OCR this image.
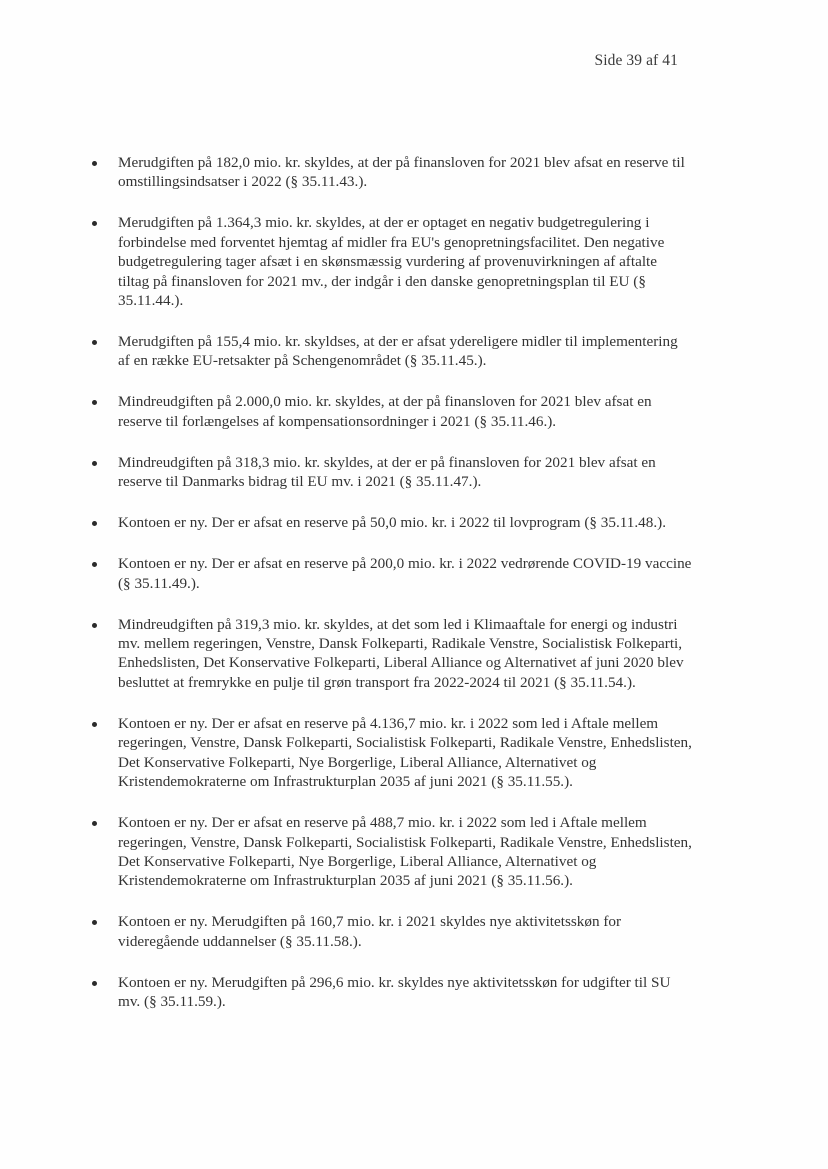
Side 39 af 41
Merudgiften på 182,0 mio. kr. skyldes, at der på finansloven for 2021 blev afsat en reserve til omstillingsindsatser i 2022 (§ 35.11.43.).
Merudgiften på 1.364,3 mio. kr. skyldes, at der er optaget en negativ budgetregulering i forbindelse med forventet hjemtag af midler fra EU's genopretningsfacilitet. Den negative budgetregulering tager afsæt i en skønsmæssig vurdering af provenuvirkningen af aftalte tiltag på finansloven for 2021 mv., der indgår i den danske genopretningsplan til EU (§ 35.11.44.).
Merudgiften på 155,4 mio. kr. skyldses, at der er afsat ydereligere midler til implementering af en række EU-retsakter på Schengenområdet (§ 35.11.45.).
Mindreudgiften på 2.000,0 mio. kr. skyldes, at der på finansloven for 2021 blev afsat en reserve til forlængelses af kompensationsordninger i 2021 (§ 35.11.46.).
Mindreudgiften på 318,3 mio. kr. skyldes, at der er på finansloven for 2021 blev afsat en reserve til Danmarks bidrag til EU mv. i 2021 (§ 35.11.47.).
Kontoen er ny. Der er afsat en reserve på 50,0 mio. kr. i 2022 til lovprogram (§ 35.11.48.).
Kontoen er ny. Der er afsat en reserve på 200,0 mio. kr. i 2022 vedrørende COVID-19 vaccine (§ 35.11.49.).
Mindreudgiften på 319,3 mio. kr. skyldes, at det som led i Klimaaftale for energi og industri mv. mellem regeringen, Venstre, Dansk Folkeparti, Radikale Venstre, Socialistisk Folkeparti, Enhedslisten, Det Konservative Folkeparti, Liberal Alliance og Alternativet af juni 2020 blev besluttet at fremrykke en pulje til grøn transport fra 2022-2024 til 2021 (§ 35.11.54.).
Kontoen er ny. Der er afsat en reserve på 4.136,7 mio. kr. i 2022 som led i Aftale mellem regeringen, Venstre, Dansk Folkeparti, Socialistisk Folkeparti, Radikale Venstre, Enhedslisten, Det Konservative Folkeparti, Nye Borgerlige, Liberal Alliance, Alternativet og Kristendemokraterne om Infrastrukturplan 2035 af juni 2021 (§ 35.11.55.).
Kontoen er ny. Der er afsat en reserve på 488,7 mio. kr. i 2022 som led i Aftale mellem regeringen, Venstre, Dansk Folkeparti, Socialistisk Folkeparti, Radikale Venstre, Enhedslisten, Det Konservative Folkeparti, Nye Borgerlige, Liberal Alliance, Alternativet og Kristendemokraterne om Infrastrukturplan 2035 af juni 2021 (§ 35.11.56.).
Kontoen er ny. Merudgiften på 160,7 mio. kr. i 2021 skyldes nye aktivitetsskøn for videregående uddannelser (§ 35.11.58.).
Kontoen er ny. Merudgiften på 296,6 mio. kr. skyldes nye aktivitetsskøn for udgifter til SU mv. (§ 35.11.59.).
